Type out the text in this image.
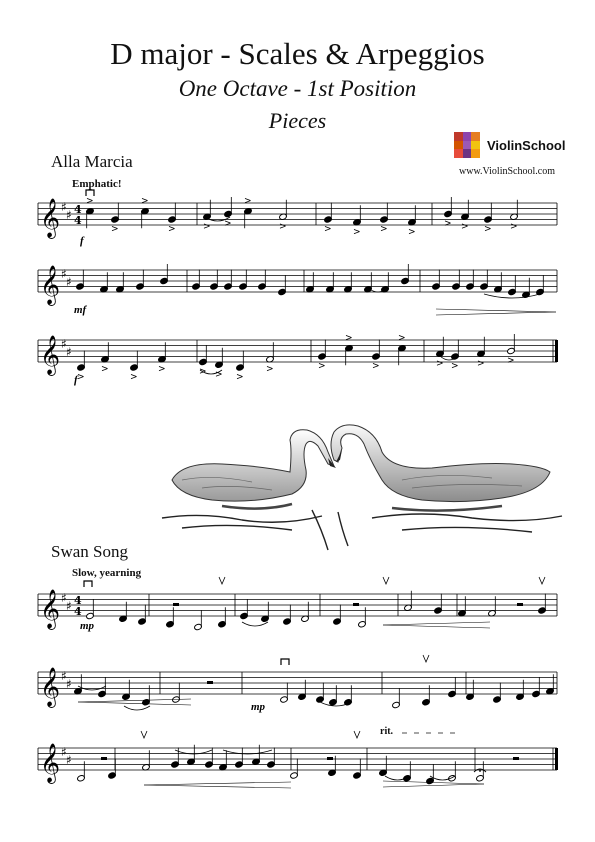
D major - Scales & Arpeggios
One Octave - 1st Position
Pieces
ViolinSchool
www.ViolinSchool.com
Alla Marcia
Emphatic!
Swan Song
Slow, yearning
rit.
𝄞 ♯
♯ 4
4
>
>
>
>	> >
>
>	> > > >
> > > >
f
𝄞 ♯
♯
mf
𝄞 ♯
♯
>
>
>
>	> > >
>	>
>
>
>
> > > >
f
𝄞 ♯
♯ 4
4
mp
𝄞 ♯
♯
mp
𝄞 ♯
♯
